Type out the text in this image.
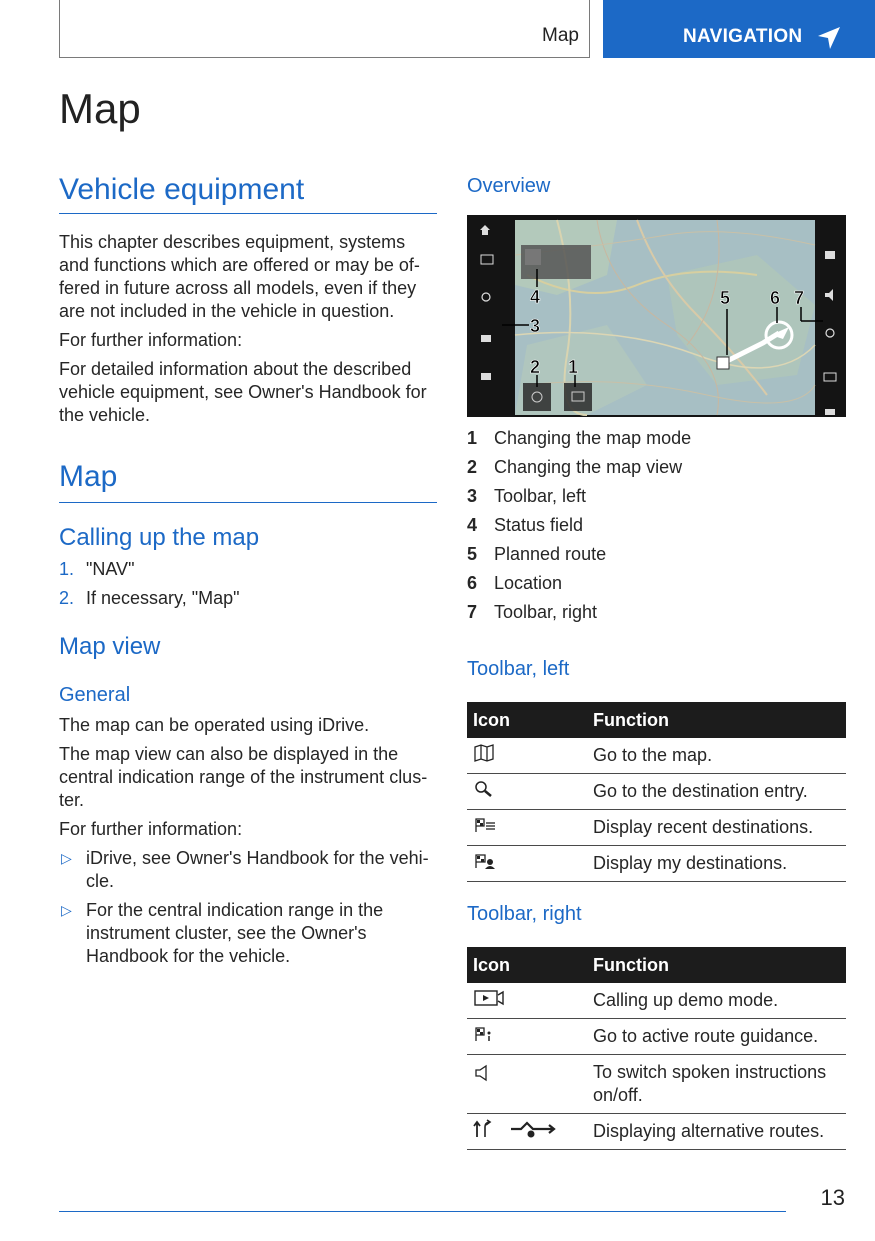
Map	NAVIGATION
Map
Vehicle equipment

This chapter describes equipment, systems and functions which are offered or may be of- fered in future across all models, even if they are not included in the vehicle in question.

For further information:

For detailed information about the described vehicle equipment, see Owner's Handbook for the vehicle.

Map
Calling up the map
1. "NAV"
2. If necessary, "Map"
Map view
General

The map can be operated using iDrive.

The map view can also be displayed in the central indication range of the instrument clus- ter.

For further information:

▷ iDrive, see Owner's Handbook for the vehi- cle.
▷ For the central indication range in the instrument cluster, see the Owner's Handbook for the vehicle.
Overview
1
2
3
4	5 6 7
1 Changing the map mode
2 Changing the map view
3 Toolbar, left
4 Status field
5 Planned route
6 Location
7 Toolbar, right
Toolbar, left
Icon	Function
	Go to the map.
	Go to the destination entry.
	Display recent destinations.
	Display my destinations.
Toolbar, right
Icon	Function
	Calling up demo mode.
	Go to active route guidance.
	To switch spoken instructions on/off.
	Displaying alternative routes.
13
